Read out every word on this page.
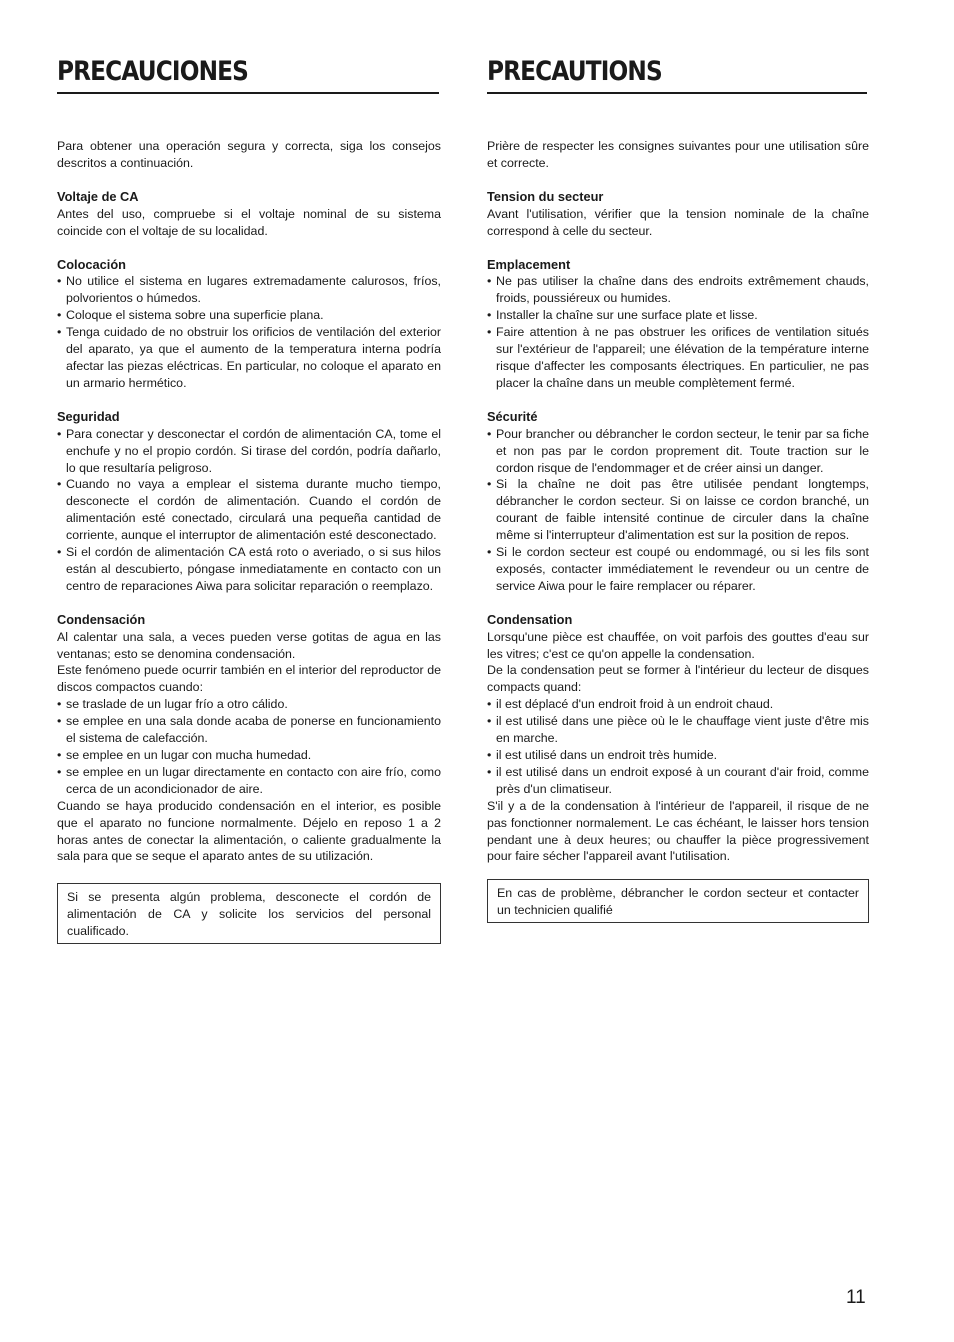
PRECAUCIONES

Para obtener una operación segura y correcta, siga los consejos descritos a continuación.

Voltaje de CA

Antes del uso, compruebe si el voltaje nominal de su sistema coincide con el voltaje de su localidad.

Colocación
• No utilice el sistema en lugares extremadamente calurosos, fríos, polvorientos o húmedos.
• Coloque el sistema sobre una superficie plana.
• Tenga cuidado de no obstruir los orificios de ventilación del exterior del aparato, ya que el aumento de la temperatura interna podría afectar las piezas eléctricas. En particular, no coloque el aparato en un armario hermético.
Seguridad
• Para conectar y desconectar el cordón de alimentación CA, tome el enchufe y no el propio cordón. Si tirase del cordón, podría dañarlo, lo que resultaría peligroso.
• Cuando no vaya a emplear el sistema durante mucho tiempo, desconecte el cordón de alimentación. Cuando el cordón de alimentación esté conectado, circulará una pequeña cantidad de corriente, aunque el interruptor de alimentación esté desconectado.
• Si el cordón de alimentación CA está roto o averiado, o si sus hilos están al descubierto, póngase inmediatamente en contacto con un centro de reparaciones Aiwa para solicitar reparación o reemplazo.
Condensación

Al calentar una sala, a veces pueden verse gotitas de agua en las ventanas; esto se denomina condensación.

Este fenómeno puede ocurrir también en el interior del reproductor de discos compactos cuando:

• se traslade de un lugar frío a otro cálido.
• se emplee en una sala donde acaba de ponerse en funcionamiento el sistema de calefacción.
• se emplee en un lugar con mucha humedad.
• se emplee en un lugar directamente en contacto con aire frío, como cerca de un acondicionador de aire.

Cuando se haya producido condensación en el interior, es posible que el aparato no funcione normalmente. Déjelo en reposo 1 a 2 horas antes de conectar la alimentación, o caliente gradualmente la sala para que se seque el aparato antes de su utilización.

Si se presenta algún problema, desconecte el cordón de alimentación de CA y solicite los servicios del personal cualificado.

PRECAUTIONS

Prière de respecter les consignes suivantes pour une utilisation sûre et correcte.

Tension du secteur

Avant l'utilisation, vérifier que la tension nominale de la chaîne correspond à celle du secteur.

Emplacement
• Ne pas utiliser la chaîne dans des endroits extrêmement chauds, froids, poussiéreux ou humides.
• Installer la chaîne sur une surface plate et lisse.
• Faire attention à ne pas obstruer les orifices de ventilation situés sur l'extérieur de l'appareil; une élévation de la température interne risque d'affecter les composants électriques. En particulier, ne pas placer la chaîne dans un meuble complètement fermé.
Sécurité
• Pour brancher ou débrancher le cordon secteur, le tenir par sa fiche et non pas par le cordon proprement dit. Toute traction sur le cordon risque de l'endommager et de créer ainsi un danger.
• Si la chaîne ne doit pas être utilisée pendant longtemps, débrancher le cordon secteur. Si on laisse ce cordon branché, un courant de faible intensité continue de circuler dans la chaîne même si l'interrupteur d'alimentation est sur la position de repos.
• Si le cordon secteur est coupé ou endommagé, ou si les fils sont exposés, contacter immédiatement le revendeur ou un centre de service Aiwa pour le faire remplacer ou réparer.
Condensation

Lorsqu'une pièce est chauffée, on voit parfois des gouttes d'eau sur les vitres; c'est ce qu'on appelle la condensation.

De la condensation peut se former à l'intérieur du lecteur de disques compacts quand:

• il est déplacé d'un endroit froid à un endroit chaud.
• il est utilisé dans une pièce où le le chauffage vient juste d'être mis en marche.
• il est utilisé dans un endroit très humide.
• il est utilisé dans un endroit exposé à un courant d'air froid, comme près d'un climatiseur.

S'il y a de la condensation à l'intérieur de l'appareil, il risque de ne pas fonctionner normalement. Le cas échéant, le laisser hors tension pendant une à deux heures; ou chauffer la pièce progressivement pour faire sécher l'appareil avant l'utilisation.

En cas de problème, débrancher le cordon secteur et contacter un technicien qualifié

11
